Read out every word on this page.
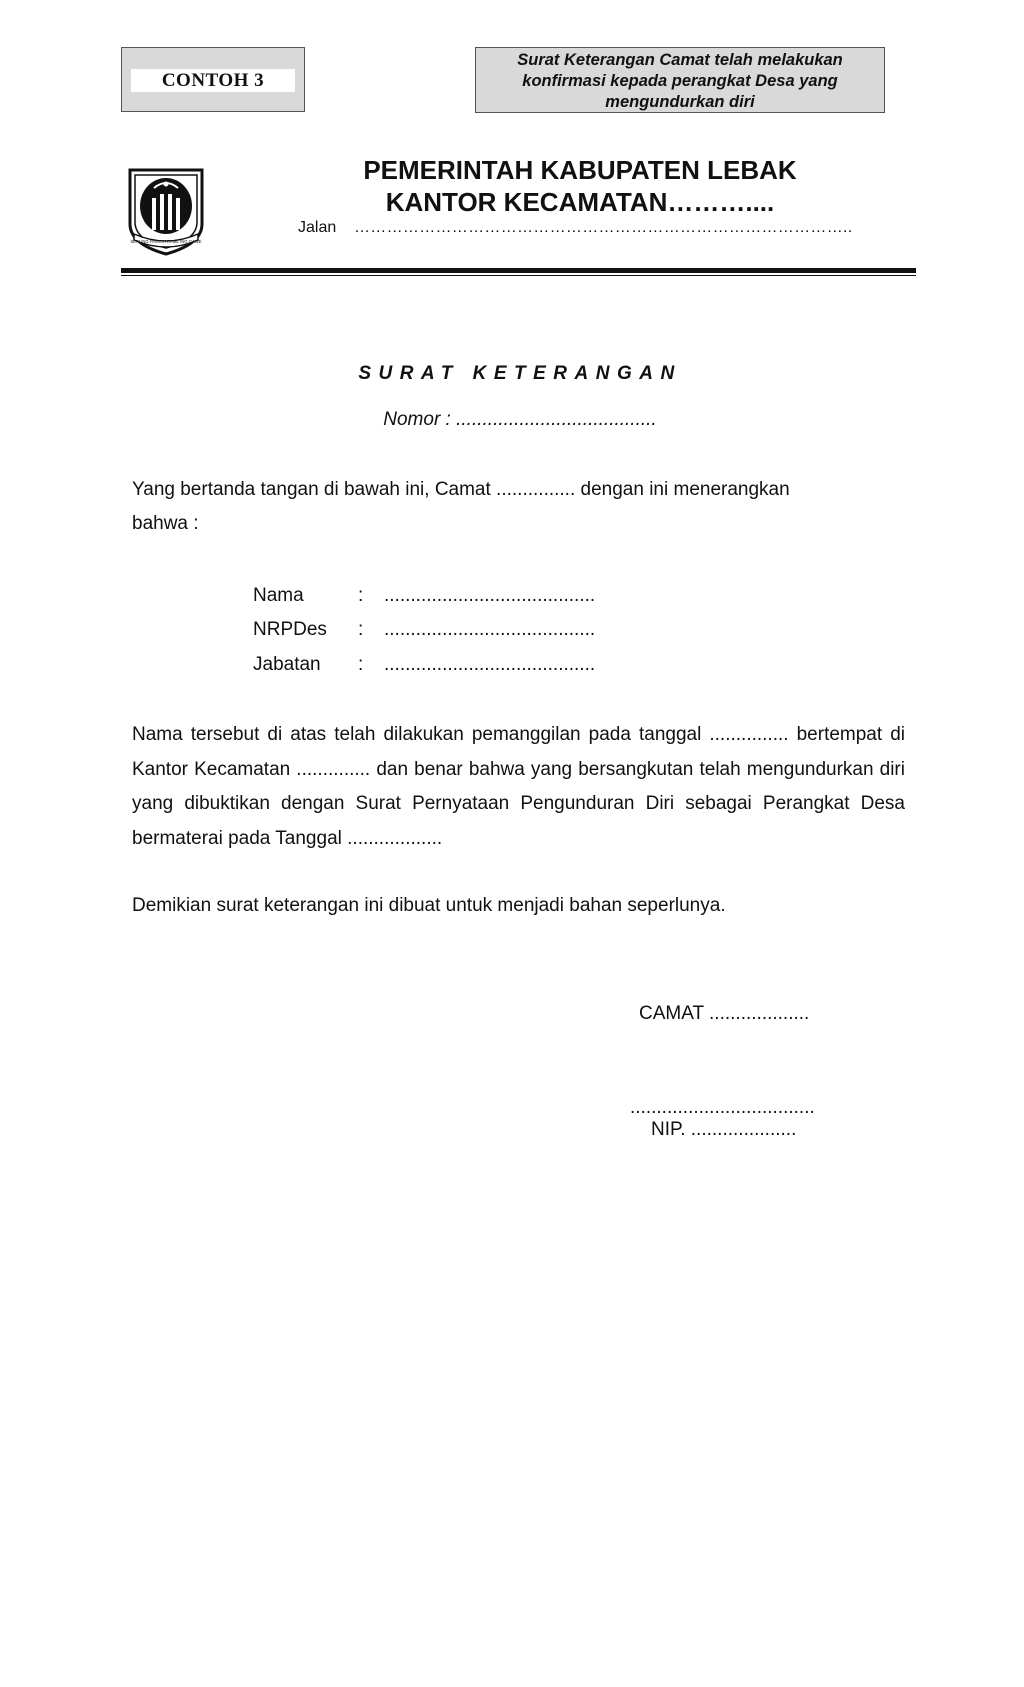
CONTOH 3
Surat Keterangan Camat telah melakukan
konfirmasi kepada perangkat Desa yang
mengundurkan diri
SEPI ING PAMRIH RAME ING GAWE
PEMERINTAH KABUPATEN LEBAK
KANTOR KECAMATAN………....
Jalan ………………………………………………………………………………..
SURAT KETERANGAN
Nomor : ......................................
Yang bertanda tangan di bawah ini, Camat ............... dengan ini menerangkan
bahwa :
Nama	: ........................................
NRPDes : ........................................
Jabatan : ........................................
Nama tersebut di atas telah dilakukan pemanggilan pada tanggal ............... bertempat di Kantor Kecamatan .............. dan benar bahwa yang bersangkutan telah mengundurkan diri yang dibuktikan dengan Surat Pernyataan Pengunduran Diri sebagai Perangkat Desa bermaterai pada Tanggal ..................
Demikian surat keterangan ini dibuat untuk menjadi bahan seperlunya.
CAMAT ...................
...................................
NIP. ....................
